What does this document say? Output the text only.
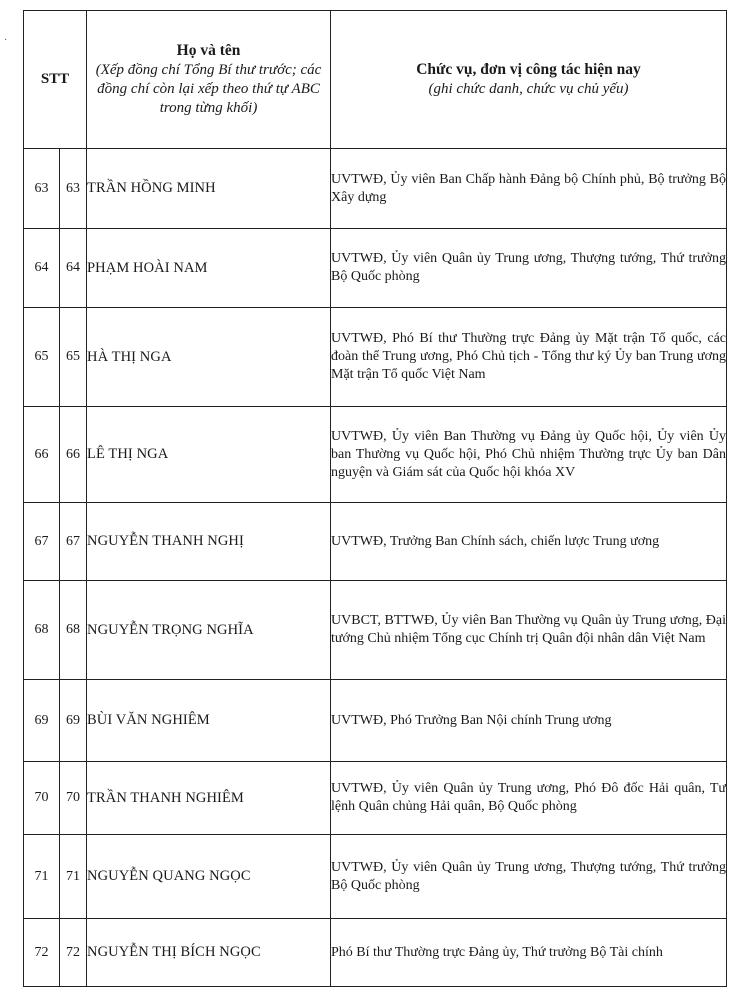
·
STT		Họ và tên
(Xếp đồng chí Tổng Bí thư trước; các đồng chí còn lại xếp theo thứ tự ABC trong từng khối)	Chức vụ, đơn vị công tác hiện nay
(ghi chức danh, chức vụ chủ yếu)

63	63	TRẦN HỒNG MINH	UVTWĐ, Ủy viên Ban Chấp hành Đảng bộ Chính phủ, Bộ trưởng Bộ Xây dựng
64	64	PHẠM HOÀI NAM	UVTWĐ, Ủy viên Quân ủy Trung ương, Thượng tướng, Thứ trưởng Bộ Quốc phòng
65	65	HÀ THỊ NGA	UVTWĐ, Phó Bí thư Thường trực Đảng ủy Mặt trận Tổ quốc, các đoàn thể Trung ương, Phó Chủ tịch - Tổng thư ký Ủy ban Trung ương Mặt trận Tổ quốc Việt Nam
66	66	LÊ THỊ NGA	UVTWĐ, Ủy viên Ban Thường vụ Đảng ủy Quốc hội, Ủy viên Ủy ban Thường vụ Quốc hội, Phó Chủ nhiệm Thường trực Ủy ban Dân nguyện và Giám sát của Quốc hội khóa XV
67	67	NGUYỄN THANH NGHỊ	UVTWĐ, Trưởng Ban Chính sách, chiến lược Trung ương
68	68	NGUYỄN TRỌNG NGHĨA	UVBCT, BTTWĐ, Ủy viên Ban Thường vụ Quân ủy Trung ương, Đại tướng Chủ nhiệm Tổng cục Chính trị Quân đội nhân dân Việt Nam
69	69	BÙI VĂN NGHIÊM	UVTWĐ, Phó Trưởng Ban Nội chính Trung ương
70	70	TRẦN THANH NGHIÊM	UVTWĐ, Ủy viên Quân ủy Trung ương, Phó Đô đốc Hải quân, Tư lệnh Quân chủng Hải quân, Bộ Quốc phòng
71	71	NGUYỄN QUANG NGỌC	UVTWĐ, Ủy viên Quân ủy Trung ương, Thượng tướng, Thứ trưởng Bộ Quốc phòng
72	72	NGUYỄN THỊ BÍCH NGỌC	Phó Bí thư Thường trực Đảng ủy, Thứ trưởng Bộ Tài chính
